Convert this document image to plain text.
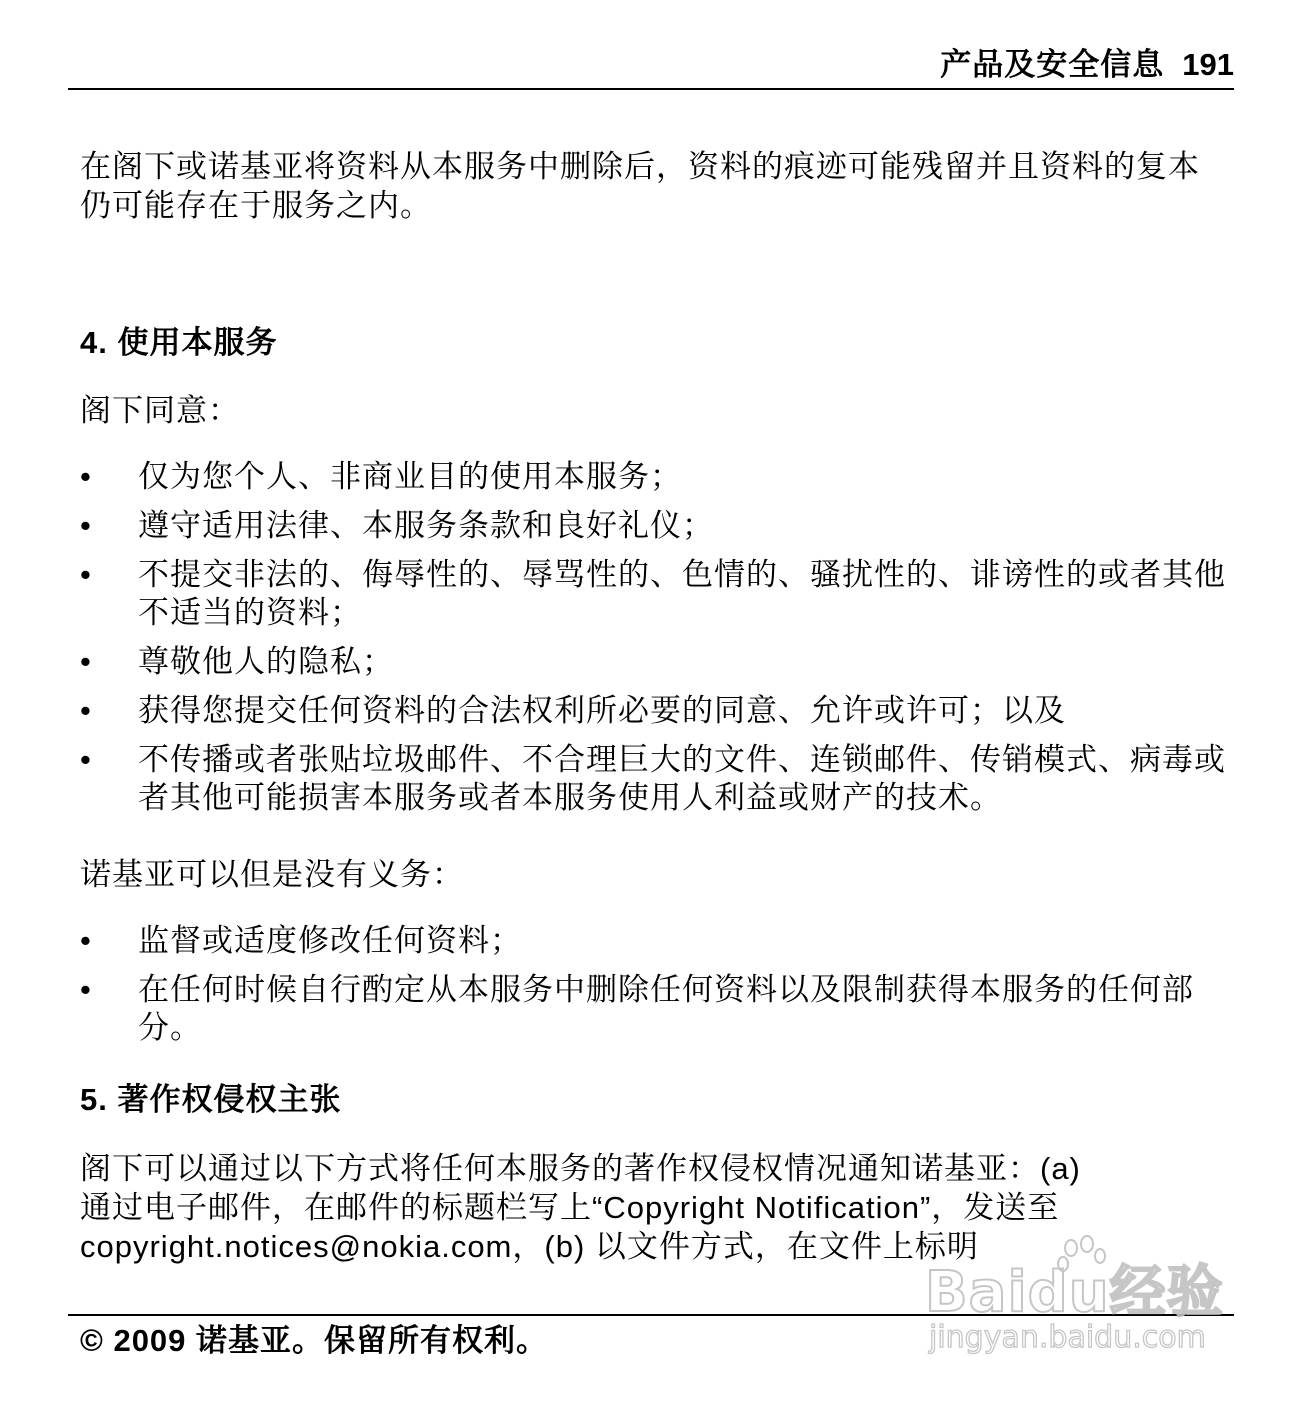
产品及安全信息 191
在阁下或诺基亚将资料从本服务中删除后，资料的痕迹可能残留并且资料的复本仍可能存在于服务之内。
4. 使用本服务
阁下同意：
• 仅为您个人、非商业目的使用本服务；
• 遵守适用法律、本服务条款和良好礼仪；
• 不提交非法的、侮辱性的、辱骂性的、色情的、骚扰性的、诽谤性的或者其他不适当的资料；
• 尊敬他人的隐私；
• 获得您提交任何资料的合法权利所必要的同意、允许或许可；以及
• 不传播或者张贴垃圾邮件、不合理巨大的文件、连锁邮件、传销模式、病毒或者其他可能损害本服务或者本服务使用人利益或财产的技术。
诺基亚可以但是没有义务：
• 监督或适度修改任何资料；
• 在任何时候自行酌定从本服务中删除任何资料以及限制获得本服务的任何部分。
5. 著作权侵权主张
阁下可以通过以下方式将任何本服务的著作权侵权情况通知诺基亚：(a)
通过电子邮件，在邮件的标题栏写上“Copyright Notification”，发送至
copyright.notices@nokia.com，(b) 以文件方式，在文件上标明
© 2009 诺基亚。保留所有权利。
Baidu经验
jingyan.baidu.com
